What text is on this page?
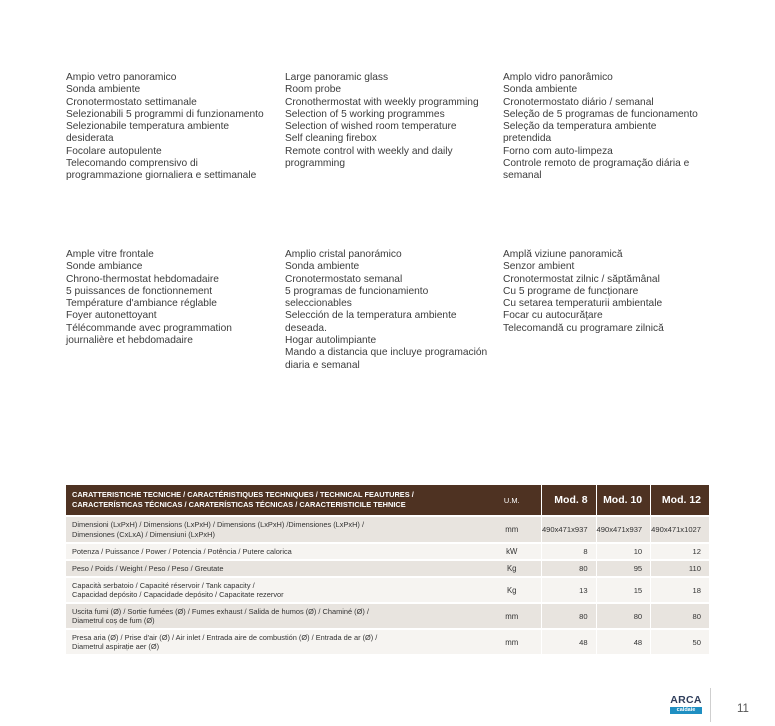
Ampio vetro panoramico
Sonda ambiente
Cronotermostato settimanale
Selezionabili 5 programmi di funzionamento
Selezionabile temperatura ambiente
desiderata
Focolare autopulente
Telecomando comprensivo di
programmazione giornaliera e settimanale
Large panoramic glass
Room probe
Cronothermostat with weekly programming
Selection of 5 working programmes
Selection of wished room temperature
Self cleaning firebox
Remote control with weekly and daily
programming
Amplo vidro panorâmico
Sonda ambiente
Cronotermostato diário / semanal
Seleção de 5 programas de funcionamento
Seleção da temperatura ambiente
pretendida
Forno com auto-limpeza
Controle remoto de programação diária e
semanal
Ample vitre frontale
Sonde ambiance
Chrono-thermostat hebdomadaire
5 puissances de fonctionnement
Température d'ambiance réglable
Foyer autonettoyant
Télécommande avec programmation
journalière et hebdomadaire
Amplio cristal panorámico
Sonda ambiente
Cronotermostato semanal
5 programas de funcionamiento
seleccionables
Selección de la temperatura ambiente
deseada.
Hogar autolimpiante
Mando a distancia que incluye programación
diaria e semanal
Amplă viziune panoramică
Senzor ambient
Cronotermostat zilnic / săptămânal
Cu 5 programe de funcționare
Cu setarea temperaturii ambientale
Focar cu autocurățare
Telecomandă cu programare zilnică
CARATTERISTICHE TECNICHE / CARACTÉRISTIQUES TECHNIQUES / TECHNICAL FEAUTURES /
CARACTERÍSTICAS TÉCNICAS / CARATERÍSTICAS TÉCNICAS / CARACTERISTICILE TEHNICE	U.M.	Mod. 8	Mod. 10	Mod. 12

Dimensioni (LxPxH) / Dimensions (LxPxH) / Dimensions (LxPxH) /Dimensiones (LxPxH) /
Dimensiones (CxLxA) / Dimensiuni (LxPxH)	mm	490x471x937	490x471x937	490x471x1027

Potenza / Puissance / Power / Potencia / Potência / Putere calorica	kW	8	10	12

Peso / Poids / Weight / Peso / Peso / Greutate	Kg	80	95	110

Capacità serbatoio / Capacité réservoir / Tank capacity /
Capacidad depósito / Capacidade depósito / Capacitate rezervor	Kg	13	15	18

Uscita fumi (Ø) / Sortie fumées (Ø) / Fumes exhaust / Salida de humos (Ø) / Chaminé (Ø) /
Diametrul coș de fum (Ø)	mm	80	80	80

Presa aria (Ø) / Prise d'air (Ø) / Air inlet / Entrada aire de combustión (Ø) / Entrada de ar (Ø) /
Diametrul aspirație aer (Ø)	mm	48	48	50
ARCA
caldaie	11
